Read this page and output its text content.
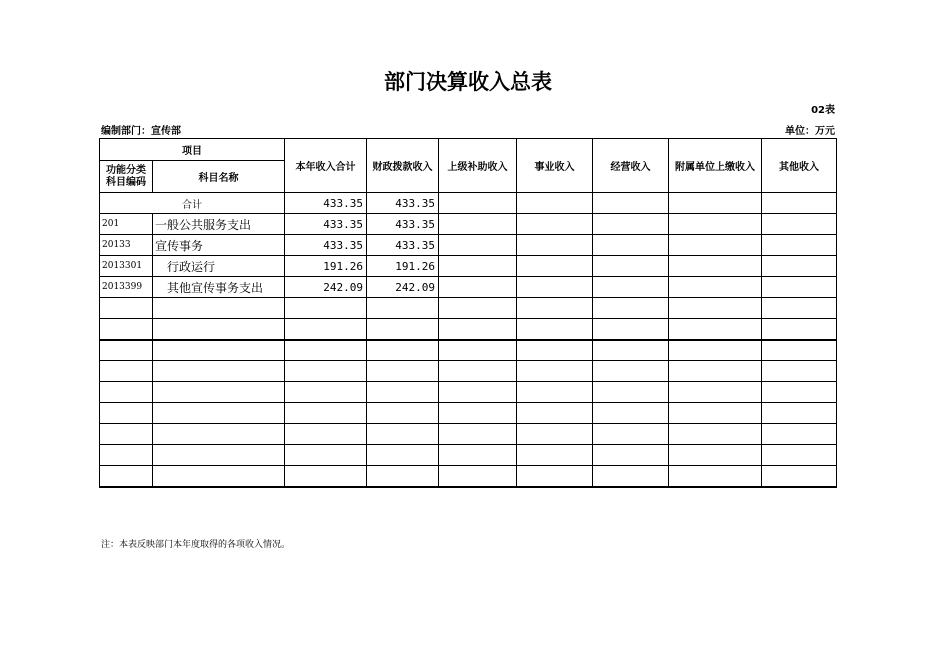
部门决算收入总表
02表
编制部门：宣传部	单位：万元
项目		本年收入合计	财政拨款收入	上级补助收入	事业收入	经营收入	附属单位上缴收入	其他收入
功能分类
科目编码	科目名称							
合计		433.35	433.35					
201	一般公共服务支出	433.35	433.35					
20133	宣传事务	433.35	433.35					
2013301	行政运行	191.26	191.26					
2013399	其他宣传事务支出	242.09	242.09					

注：本表反映部门本年度取得的各项收入情况。
